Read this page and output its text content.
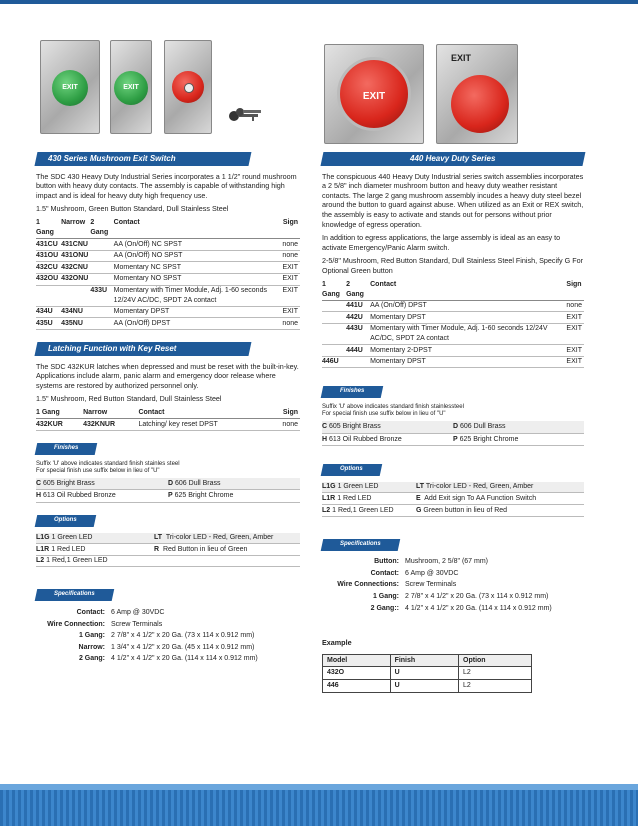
EXIT	EXIT
EXIT
EXIT
430 Series Mushroom Exit Switch

The SDC 430 Heavy Duty Industrial Series incorporates a 1 1/2" round mushroom button with heavy duty contacts. The assembly is capable of withstanding high impact and is ideal for heavy duty high frequency use.

1.5" Mushroom, Green Button Standard, Dull Stainless Steel

1 Gang	Narrow	2 Gang	Contact	Sign
431CU	431CNU		AA (On/Off) NC SPST	none
431OU	431ONU		AA (On/Off) NO SPST	none
432CU	432CNU		Momentary NC SPST	EXIT
432OU	432ONU		Momentary NO SPST	EXIT
		433U	Momentary with Timer Module, Adj. 1-60 seconds 12/24V AC/DC, SPDT 2A contact	EXIT
434U	434NU		Momentary DPST	EXIT
435U	435NU		AA (On/Off) DPST	none
Latching Function with Key Reset

The SDC 432KUR latches when depressed and must be reset with the built-in-key. Applications include alarm, panic alarm and emergency door release where systems are restored by authorized personnel only.

1.5" Mushroom, Red Button Standard, Dull Stainless Steel

1 Gang	Narrow	Contact	Sign
432KUR	432KNUR	Latching/ key reset DPST	none
Finishes
Suffix 'U' above indicates standard finish stainles steel
For special finish use suffix below in lieu of "U"
C 605 Bright Brass	D 606 Dull Brass
H 613 Oil Rubbed Bronze	P 625 Bright Chrome
Options
L1G 1 Green LED	LT Tri-color LED - Red, Green, Amber
L1R 1 Red LED	R Red Button in lieu of Green
L2 1 Red,1 Green LED	
Specifications
Contact:	6 Amp @ 30VDC
Wire Connection:	Screw Terminals
1 Gang:	2 7/8" x 4 1/2" x 20 Ga. (73 x 114 x 0.912 mm)
Narrow:	1 3/4" x 4 1/2" x 20 Ga. (45 x 114 x 0.912 mm)
2 Gang:	4 1/2" x 4 1/2" x 20 Ga. (114 x 114 x 0.912 mm)
440 Heavy Duty Series

The conspicuous 440 Heavy Duty Industrial series switch assemblies incorporates a 2 5/8" inch diameter mushroom button and heavy duty weather resistant contacts. The large 2 gang mushroom assembly incudes a heavy duty steel bezel around the button to guard against abuse. When utilized as an Exit or REX switch, the assembly is easy to activate and stands out for persons without prior knowledge of egress operation.

In addition to egress applications, the large assembly is ideal as an easy to activate Emergency/Panic Alarm switch.

2-5/8" Mushroom, Red Button Standard, Dull Stainless Steel Finish, Specify G For Optional Green button

1 Gang	2 Gang	Contact	Sign
	441U	AA (On/Off) DPST	none
	442U	Momentary DPST	EXIT
	443U	Momentary with Timer Module, Adj. 1-60 seconds 12/24V AC/DC, SPDT 2A contact	EXIT
	444U	Momentary 2-DPST	EXIT
446U		Momentary DPST	EXIT
Finishes
Suffix 'U' above indicates standard finish stainlessteel
For special finish use suffix below in lieu of "U"
C 605 Bright Brass	D 606 Dull Brass
H 613 Oil Rubbed Bronze	P 625 Bright Chrome
Options
L1G 1 Green LED	LT Tri-color LED - Red, Green, Amber
L1R 1 Red LED	E Add Exit sign To AA Function Switch
L2 1 Red,1 Green LED	G Green button in lieu of Red
Specifications
Button:	Mushroom, 2 5/8" (67 mm)
Contact:	6 Amp @ 30VDC
Wire Connections:	Screw Terminals
1 Gang:	2 7/8" x 4 1/2" x 20 Ga. (73 x 114 x 0.912 mm)
2 Gang::	4 1/2" x 4 1/2" x 20 Ga. (114 x 114 x 0.912 mm)
Example
Model	Finish	Option
432O	U	L2
446	U	L2
